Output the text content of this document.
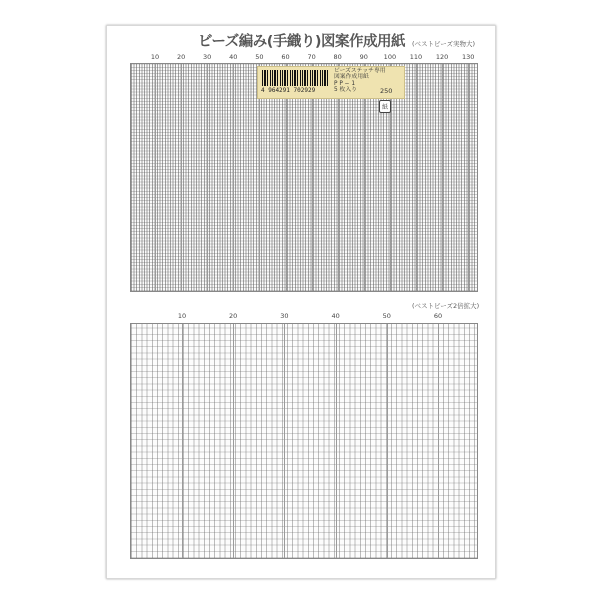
ビーズ編み(手織り)図案作成用紙	(ベストビーズ実物大)
(ベストビーズ2倍拡大)
10	20	30	40	50	60	70	80	90 100 110 120 130
10	20	30	40	50	60
4 964291 702929
ビーズステッチ専用
図案作成用紙
P P − 1
5 枚入り	250
紙
